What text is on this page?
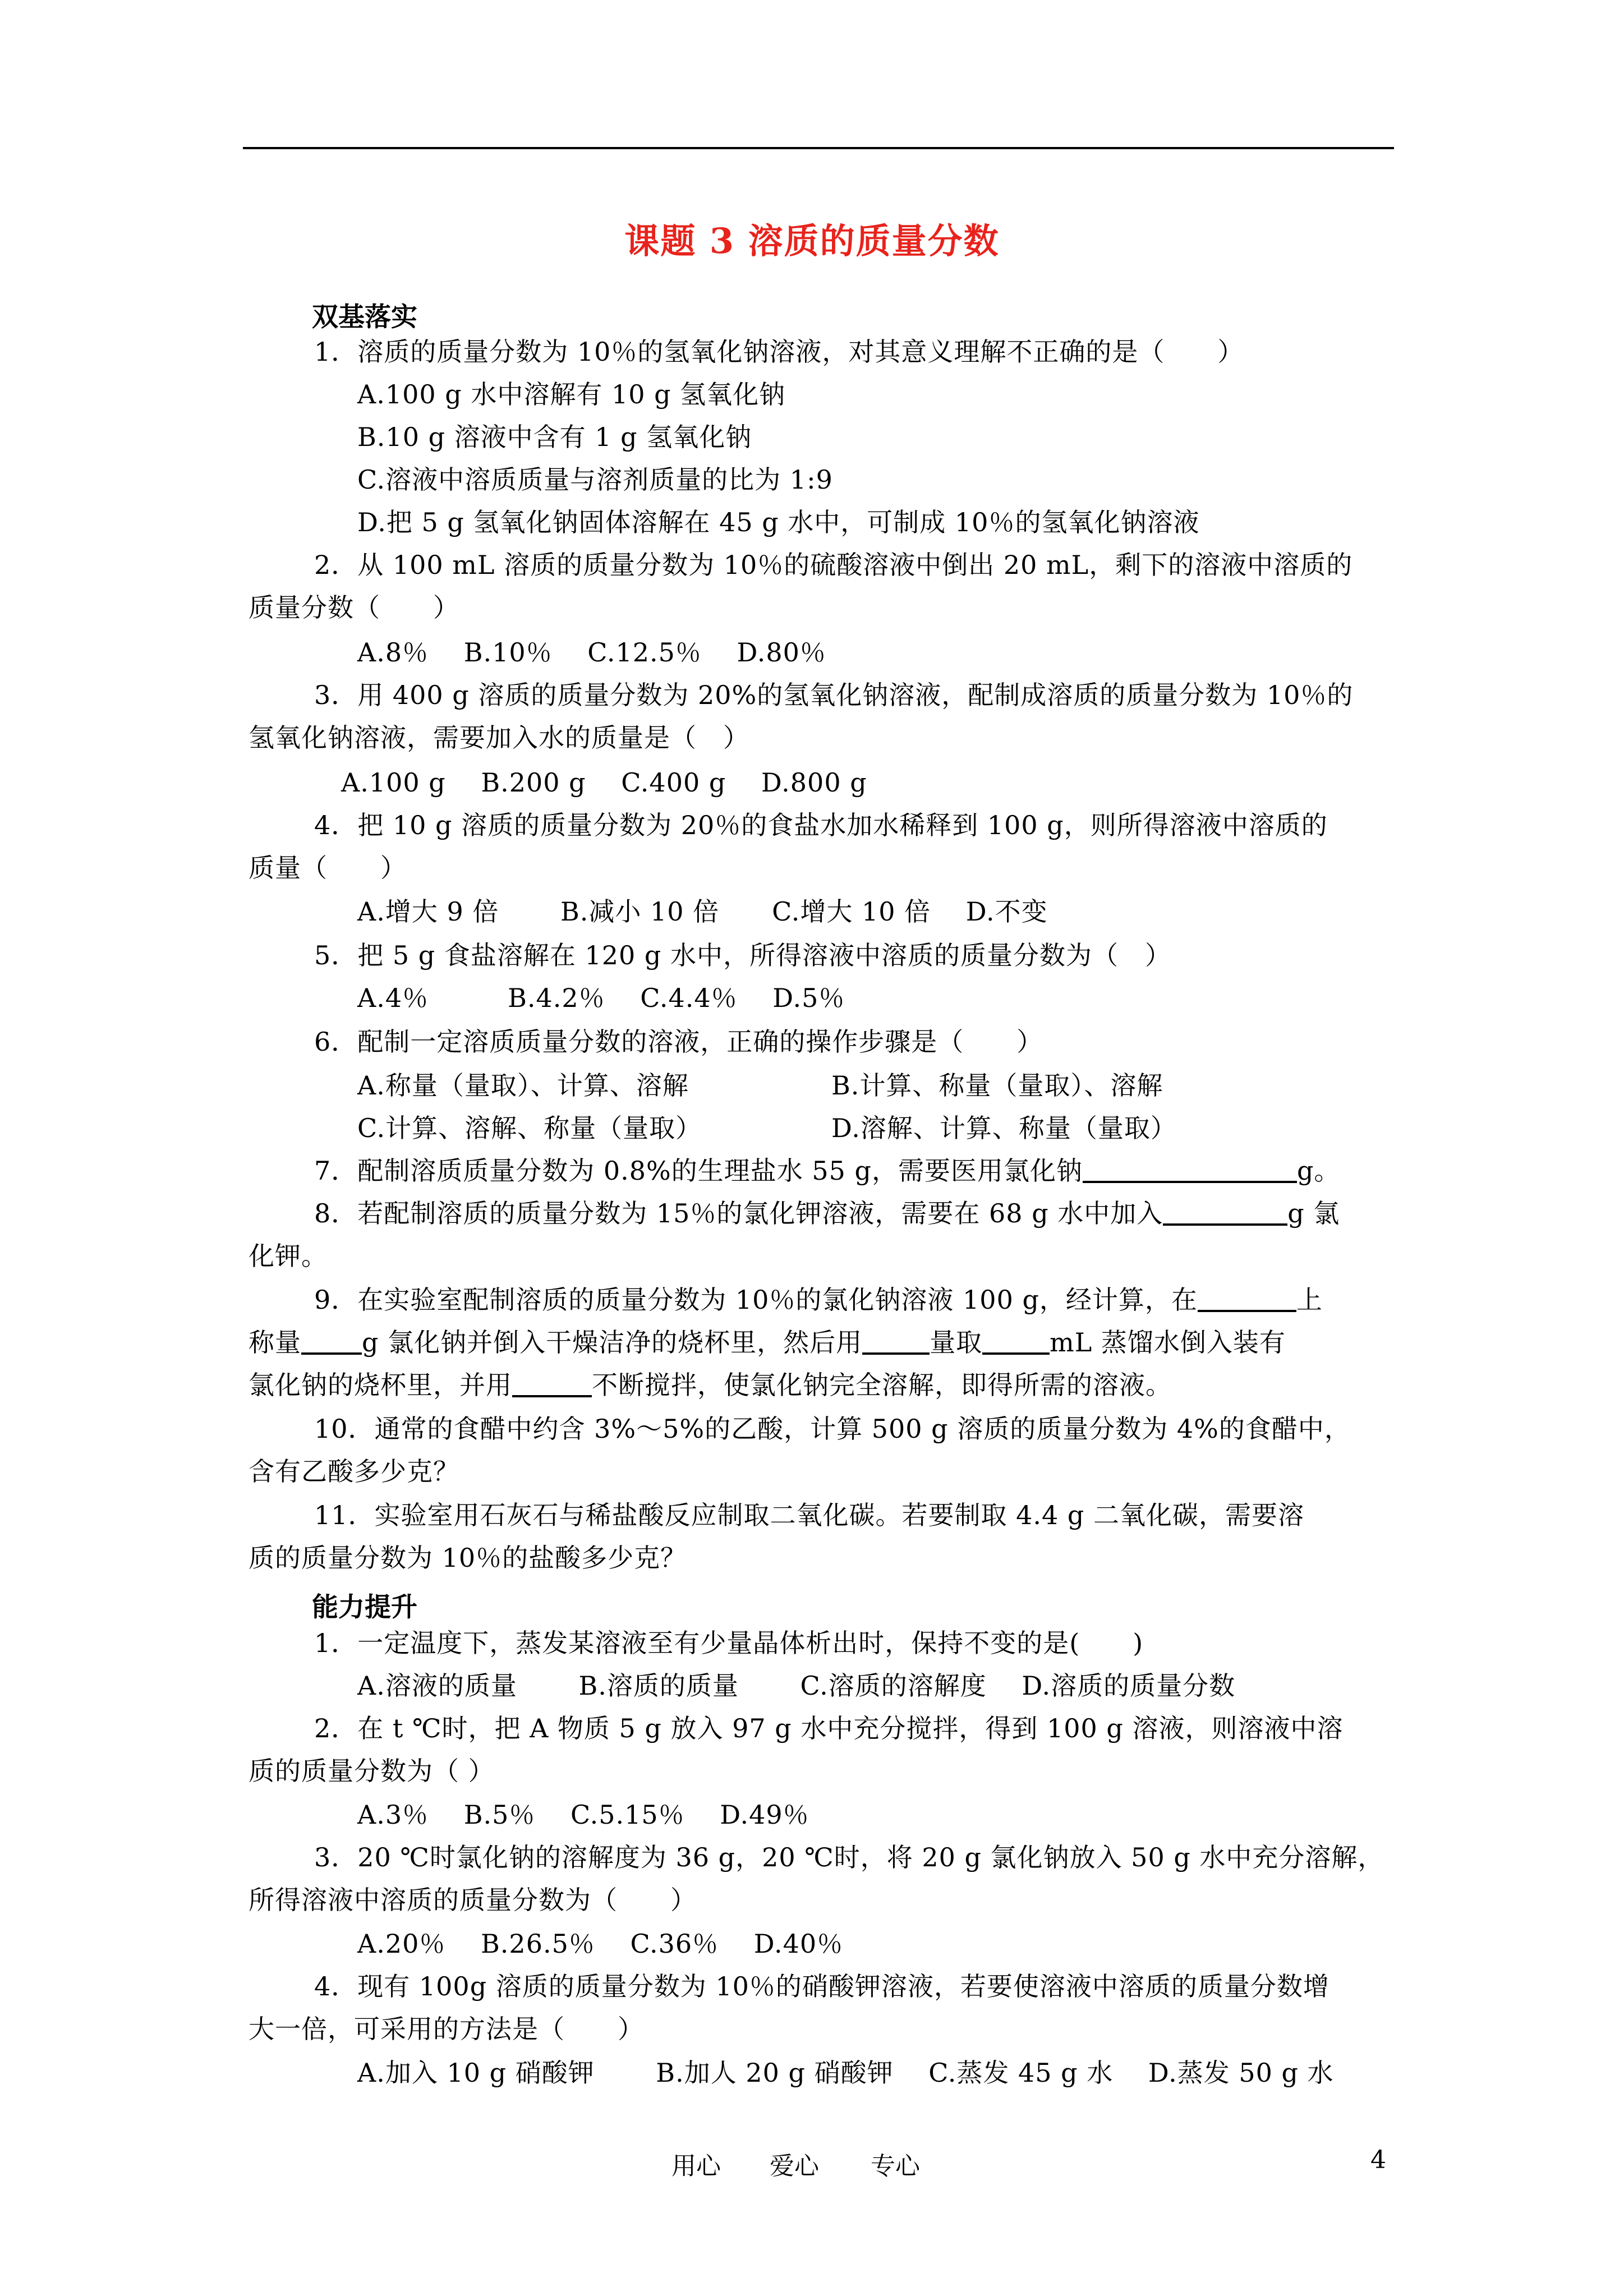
课题 3 溶质的质量分数
双基落实
1．溶质的质量分数为 10％的氢氧化钠溶液，对其意义理解不正确的是（　　）
A.100 g 水中溶解有 10 g 氢氧化钠
B.10 g 溶液中含有 1 g 氢氧化钠
C.溶液中溶质质量与溶剂质量的比为 1:9
D.把 5 g 氢氧化钠固体溶解在 45 g 水中，可制成 10％的氢氧化钠溶液
2．从 100 mL 溶质的质量分数为 10％的硫酸溶液中倒出 20 mL，剩下的溶液中溶质的
质量分数（　　）
A.8％　 B.10％　 C.12.5％　 D.80％
3．用 400 g 溶质的质量分数为 20%的氢氧化钠溶液，配制成溶质的质量分数为 10％的
氢氧化钠溶液，需要加入水的质量是（　）
A.100 g　 B.200 g　 C.400 g　 D.800 g
4．把 10 g 溶质的质量分数为 20％的食盐水加水稀释到 100 g，则所得溶液中溶质的
质量（　　）
A.增大 9 倍　　 B.减小 10 倍　　C.增大 10 倍　 D.不变
5．把 5 g 食盐溶解在 120 g 水中，所得溶液中溶质的质量分数为（　）
A.4％　　　B.4.2％　 C.4.4％　 D.5％
6．配制一定溶质质量分数的溶液，正确的操作步骤是（　　）
A.称量（量取）、计算、溶解	B.计算、称量（量取）、溶解
C.计算、溶解、称量（量取）	D.溶解、计算、称量（量取）
7．配制溶质质量分数为 0.8%的生理盐水 55 g，需要医用氯化钠	g。
8．若配制溶质的质量分数为 15％的氯化钾溶液，需要在 68 g 水中加入	g 氯
化钾。
9．在实验室配制溶质的质量分数为 10％的氯化钠溶液 100 g，经计算，在	上
称量 g 氯化钠并倒入干燥洁净的烧杯里，然后用	量取	mL 蒸馏水倒入装有
氯化钠的烧杯里，并用	不断搅拌，使氯化钠完全溶解，即得所需的溶液。
10．通常的食醋中约含 3%～5%的乙酸，计算 500 g 溶质的质量分数为 4%的食醋中，
含有乙酸多少克？
11．实验室用石灰石与稀盐酸反应制取二氧化碳。若要制取 4.4 g 二氧化碳，需要溶
质的质量分数为 10％的盐酸多少克？
能力提升
1．一定温度下，蒸发某溶液至有少量晶体析出时，保持不变的是(　　)
A.溶液的质量　　 B.溶质的质量　　 C.溶质的溶解度　 D.溶质的质量分数
2．在 t ℃时，把 A 物质 5 g 放入 97 g 水中充分搅拌，得到 100 g 溶液，则溶液中溶
质的质量分数为（ ）
A.3％　 B.5％　 C.5.15％　 D.49％
3．20 ℃时氯化钠的溶解度为 36 g，20 ℃时，将 20 g 氯化钠放入 50 g 水中充分溶解，
所得溶液中溶质的质量分数为（　　）
A.20％　 B.26.5％　 C.36％　 D.40％
4．现有 100g 溶质的质量分数为 10％的硝酸钾溶液，若要使溶液中溶质的质量分数增
大一倍，可采用的方法是（　　）
A.加入 10 g 硝酸钾　　 B.加人 20 g 硝酸钾　 C.蒸发 45 g 水　 D.蒸发 50 g 水
用心 爱心 专心	4
